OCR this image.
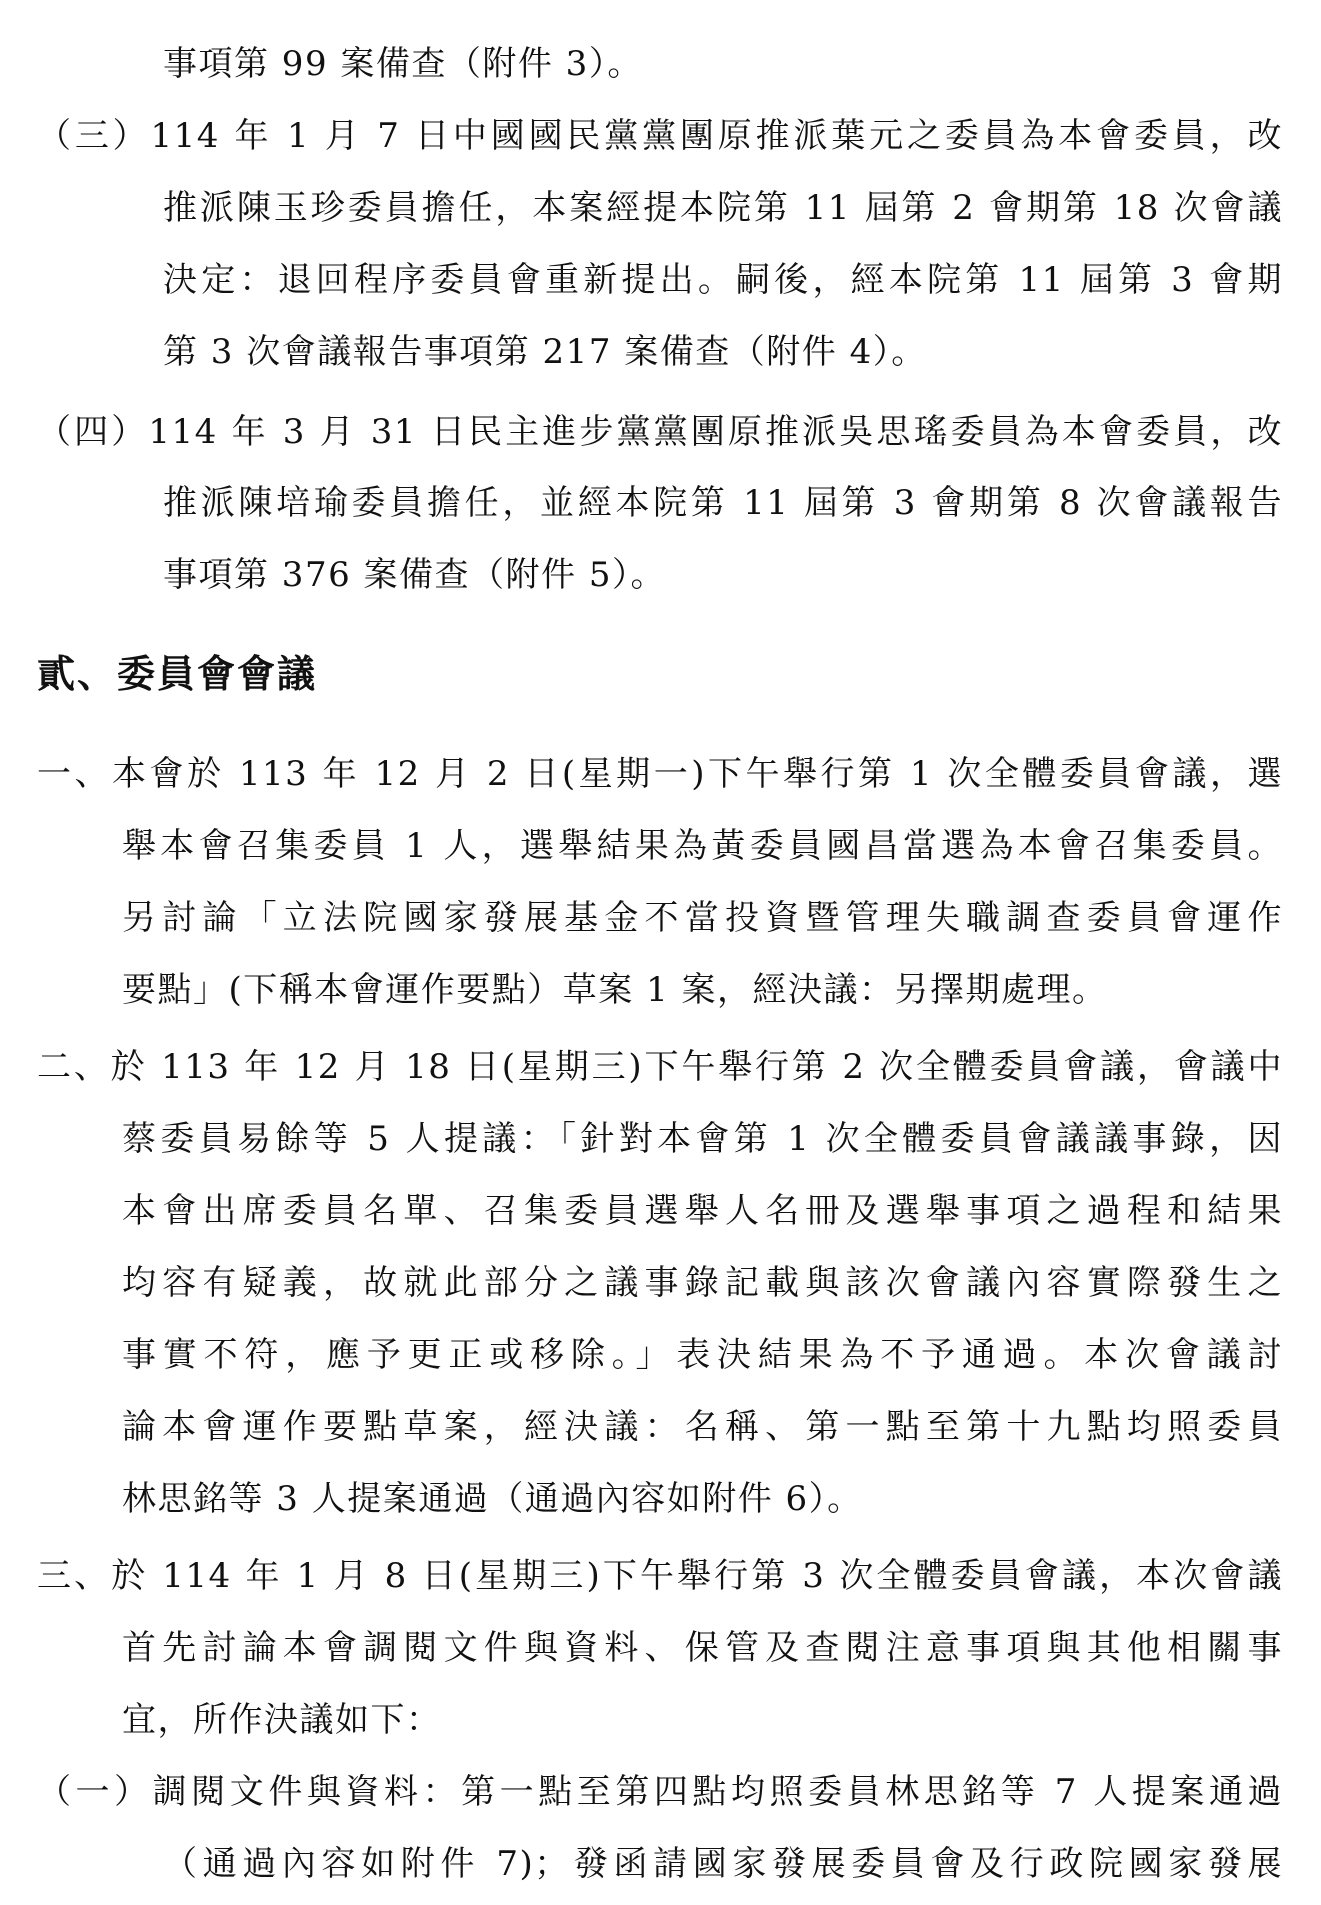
事項第 99 案備查（附件 3）。
（三）114 年 1 月 7 日中國國民黨黨團原推派葉元之委員為本會委員，改
推派陳玉珍委員擔任，本案經提本院第 11 屆第 2 會期第 18 次會議
決定：退回程序委員會重新提出。嗣後，經本院第 11 屆第 3 會期
第 3 次會議報告事項第 217 案備查（附件 4）。
（四）114 年 3 月 31 日民主進步黨黨團原推派吳思瑤委員為本會委員，改
推派陳培瑜委員擔任，並經本院第 11 屆第 3 會期第 8 次會議報告
事項第 376 案備查（附件 5）。
貳、委員會會議
一、本會於 113 年 12 月 2 日(星期一)下午舉行第 1 次全體委員會議，選
舉本會召集委員 1 人，選舉結果為黃委員國昌當選為本會召集委員。
另討論「立法院國家發展基金不當投資暨管理失職調查委員會運作
要點」(下稱本會運作要點）草案 1 案，經決議：另擇期處理。
二、於 113 年 12 月 18 日(星期三)下午舉行第 2 次全體委員會議，會議中
蔡委員易餘等 5 人提議：「針對本會第 1 次全體委員會議議事錄，因
本會出席委員名單、召集委員選舉人名冊及選舉事項之過程和結果
均容有疑義，故就此部分之議事錄記載與該次會議內容實際發生之
事實不符，應予更正或移除。」表決結果為不予通過。本次會議討
論本會運作要點草案，經決議：名稱、第一點至第十九點均照委員
林思銘等 3 人提案通過（通過內容如附件 6）。
三、於 114 年 1 月 8 日(星期三)下午舉行第 3 次全體委員會議，本次會議
首先討論本會調閱文件與資料、保管及查閱注意事項與其他相關事
宜，所作決議如下：
（一）調閱文件與資料：第一點至第四點均照委員林思銘等 7 人提案通過
（通過內容如附件 7)；發函請國家發展委員會及行政院國家發展
